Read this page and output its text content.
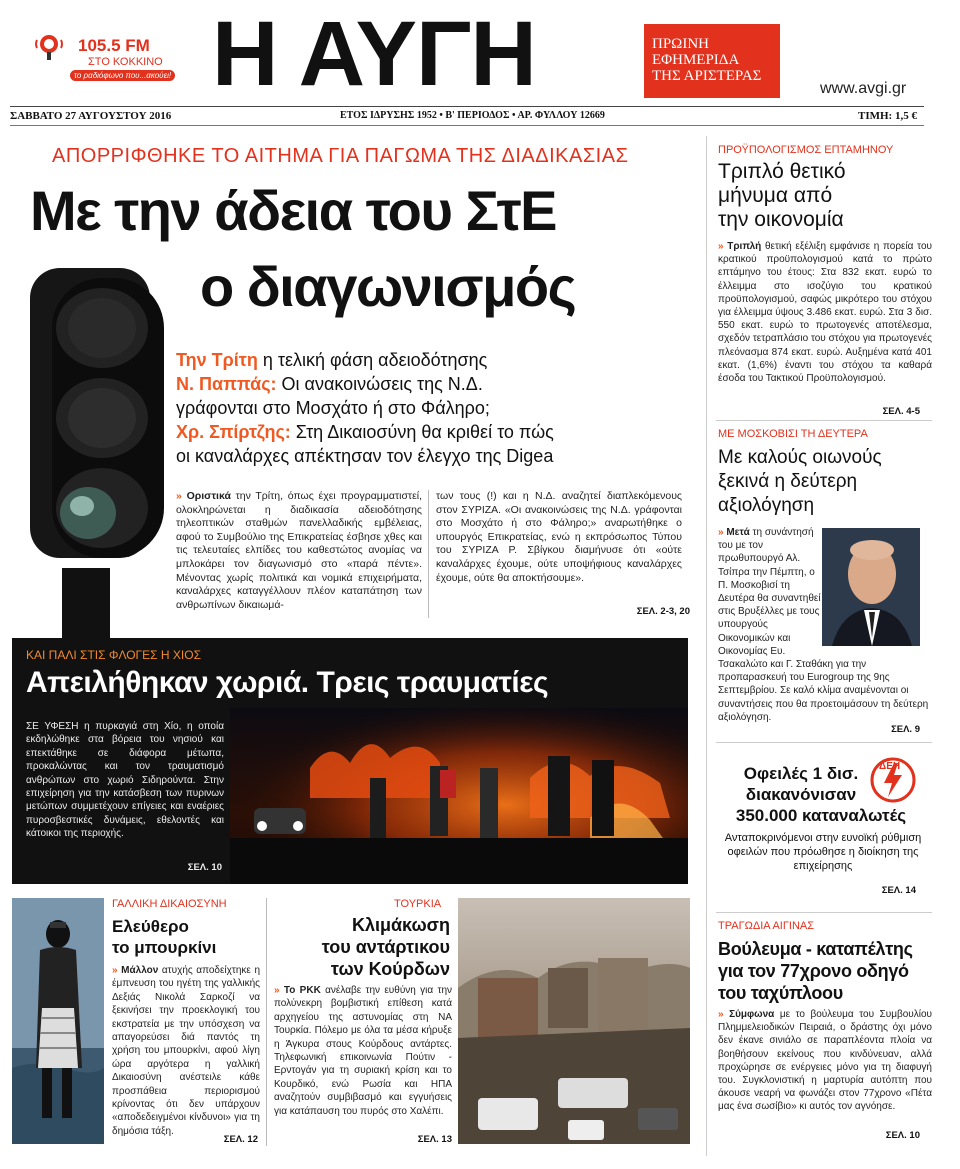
105.5 FM
ΣΤΟ ΚΟΚΚΙΝΟ
το ραδιόφωνο που...ακούει! Η ΑΥΓΗ	ΠΡΩΙΝΗ
ΕΦΗΜΕΡΙΔΑ
ΤΗΣ ΑΡΙΣΤΕΡΑΣ
www.avgi.gr
ΣΑΒΒΑΤΟ 27 ΑΥΓΟΥΣΤΟΥ 2016	ΕΤΟΣ ΙΔΡΥΣΗΣ 1952 • Β' ΠΕΡΙΟΔΟΣ • ΑΡ. ΦΥΛΛΟΥ 12669	ΤΙΜΗ: 1,5 €
ΑΠΟΡΡΙΦΘΗΚΕ ΤΟ ΑΙΤΗΜΑ ΓΙΑ ΠΑΓΩΜΑ ΤΗΣ ΔΙΑΔΙΚΑΣΙΑΣ
Με την άδεια του ΣτΕ
ο διαγωνισμός
Την Τρίτη η τελική φάση αδειοδότησης
Ν. Παππάς: Οι ανακοινώσεις της Ν.Δ.
γράφονται στο Μοσχάτο ή στο Φάληρο;
Χρ. Σπίρτζης: Στη Δικαιοσύνη θα κριθεί το πώς
οι καναλάρχες απέκτησαν τον έλεγχο της Digea
» Οριστικά την Τρίτη, όπως έχει προγραμματιστεί, ολοκληρώνεται η διαδικασία αδειοδότησης τηλεοπτικών σταθμών πανελλαδικής εμβέλειας, αφού το Συμβούλιο της Επικρατείας έσβησε χθες και τις τελευταίες ελπίδες του καθεστώτος ανομίας να μπλοκάρει τον διαγωνισμό στο «παρά πέντε». Μένοντας χωρίς πολιτικά και νομικά επιχειρήματα, καναλάρχες καταγγέλλουν πλέον καταπάτηση των ανθρωπίνων δικαιωμά-
των τους (!) και η Ν.Δ. αναζητεί διαπλεκόμενους στον ΣΥΡΙΖΑ. «Οι ανακοινώσεις της Ν.Δ. γράφονται στο Μοσχάτο ή στο Φάληρο;» αναρωτήθηκε ο υπουργός Επικρατείας, ενώ η εκπρόσωπος Τύπου του ΣΥΡΙΖΑ Ρ. Σβίγκου διαμήνυσε ότι «ούτε καναλάρχες έχουμε, ούτε υποψήφιους καναλάρχες έχουμε, ούτε θα αποκτήσουμε».
ΣΕΛ. 2-3, 20
ΚΑΙ ΠΑΛΙ ΣΤΙΣ ΦΛΟΓΕΣ Η ΧΙΟΣ
Απειλήθηκαν χωριά. Τρεις τραυματίες
ΣΕ ΥΦΕΣΗ η πυρκαγιά στη Χίο, η οποία εκδηλώθηκε στα βόρεια του νησιού και επεκτάθηκε σε διάφορα μέτωπα, προκαλώντας και τον τραυματισμό ανθρώπων στο χωριό Σιδηρούντα. Στην επιχείρηση για την κατάσβεση των πυρινων μετώπων συμμετέχουν επίγειες και εναέριες πυροσβεστικές δυνάμεις, εθελοντές και κάτοικοι της περιοχής.
ΣΕΛ. 10
ΠΡΟΫΠΟΛΟΓΙΣΜΟΣ ΕΠΤΑΜΗΝΟΥ
Τριπλό θετικό
μήνυμα από
την οικονομία
» Τριπλή θετική εξέλιξη εμφάνισε η πορεία του κρατικού προϋπολογισμού κατά το πρώτο επτάμηνο του έτους: Στα 832 εκατ. ευρώ το έλλειμμα στο ισοζύγιο του κρατικού προϋπολογισμού, σαφώς μικρότερο του στόχου για έλλειμμα ύψους 3.486 εκατ. ευρώ. Στα 3 δισ. 550 εκατ. ευρώ το πρωτογενές αποτέλεσμα, σχεδόν τετραπλάσιο του στόχου για πρωτογενές πλεόνασμα 874 εκατ. ευρώ. Αυξημένα κατά 401 εκατ. (1,6%) έναντι του στόχου τα καθαρά έσοδα του Τακτικού Προϋπολογισμού.
ΣΕΛ. 4-5
ΜΕ ΜΟΣΚΟΒΙΣΙ ΤΗ ΔΕΥΤΕΡΑ
Με καλούς οιωνούς
ξεκινά η δεύτερη
αξιολόγηση
» Μετά τη συνάντησή του με τον πρωθυπουργό Αλ. Τσίπρα την Πέμπτη, ο Π. Μοσκοβισί τη Δευτέρα θα συναντηθεί στις Βρυξέλλες με τους υπουργούς Οικονομικών και Οικονομίας Ευ. Τσακαλώτο και Γ. Σταθάκη για την προπαρασκευή του Eurogroup της 9ης Σεπτεμβρίου. Σε καλό κλίμα αναμένονται οι συναντήσεις που θα προετοιμάσουν τη δεύτερη αξιολόγηση.
ΣΕΛ. 9
ΔΕΗ
Οφειλές 1 δισ.
διακανόνισαν
350.000 καταναλωτές
Ανταποκρινόμενοι στην ευνοϊκή ρύθμιση οφειλών που πρόωθησε η διοίκηση της επιχείρησης
ΣΕΛ. 14
ΤΡΑΓΩΔΙΑ ΑΙΓΙΝΑΣ
Βούλευμα - καταπέλτης
για τον 77χρονο οδηγό
του ταχύπλοου
» Σύμφωνα με το βούλευμα του Συμβουλίου Πλημμελειοδικών Πειραιά, ο δράστης όχι μόνο δεν έκανε σινιάλο σε παραπλέοντα πλοία να βοηθήσουν εκείνους που κινδύνευαν, αλλά προχώρησε σε ενέργειες μόνο για τη διαφυγή του. Συγκλονιστική η μαρτυρία αυτόπτη που άκουσε νεαρή να φωνάζει στον 77χρονο «Πέτα μας ένα σωσίβιο» κι αυτός τον αγνόησε.
ΣΕΛ. 10
ΓΑΛΛΙΚΗ ΔΙΚΑΙΟΣΥΝΗ
Ελεύθερο
το μπουρκίνι
» Μάλλον ατυχής αποδείχτηκε η έμπνευση του ηγέτη της γαλλικής Δεξιάς Νικολά Σαρκοζί να ξεκινήσει την προεκλογική του εκστρατεία με την υπόσχεση να απαγορεύσει διά παντός τη χρήση του μπουρκίνι, αφού λίγη ώρα αργότερα η γαλλική Δικαιοσύνη ανέστειλε κάθε προσπάθεια περιορισμού κρίνοντας ότι δεν υπάρχουν «αποδεδειγμένοι κίνδυνοι» για τη δημόσια τάξη.
ΣΕΛ. 12
ΤΟΥΡΚΙΑ
Κλιμάκωση
του αντάρτικου
των Κούρδων
» Το ΡΚΚ ανέλαβε την ευθύνη για την πολύνεκρη βομβιστική επίθεση κατά αρχηγείου της αστυνομίας στη ΝΑ Τουρκία. Πόλεμο με όλα τα μέσα κήρυξε η Άγκυρα στους Κούρδους αντάρτες. Τηλεφωνική επικοινωνία Πούτιν - Ερντογάν για τη συριακή κρίση και το Κουρδικό, ενώ Ρωσία και ΗΠΑ αναζητούν συμβιβασμό και εγγυήσεις για κατάπαυση του πυρός στο Χαλέπι.
ΣΕΛ. 13
